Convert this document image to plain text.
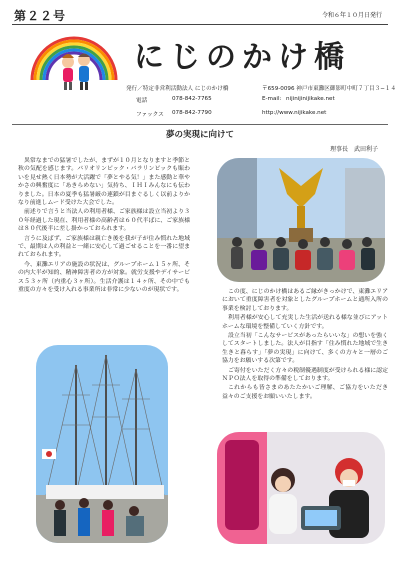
第２２号	令和６年１０月日発行
にじのかけ橋
発行／特定非営利活動法人 にじのかけ橋	〒659-0096 神戸市東灘区御影町中町７丁目３−１４
電話	078-842-7765	E-mail: nijinijinijikake.net
ファックス 078-842-7790	http://www.nijikake.net
夢の実現に向けて
理事長　武田利子

異常なまでの猛暑でしたが、まずが１０月となりますと季節と秋の気配を感じます。パリオリンピック・パラリンピックも賑わいを見せ熱く日本勢が大活躍で「夢とやる気！」また感動と華やかさの興奮度に「あきらめない」気持ち、ＩＨＩみんなにも伝わりました。日本の夏季も猛暑厳の連鎖が目まぐるしく以前よりかなり前進しムード受けた大会でした。

前述りで言うと当法人の利用者様、ご家族様は設立当初より３０年経過した現在、利用者様の高齢者は６０代半ばに、ご家族様は８０代後半に差し掛かっておられます。

言うに及ばず、ご家族様は親亡き後を我が子が住み慣れた地域で、最期は人の利益と一緒に安心して過ごせることを一番に望まれておられます。

今、東灘エリアの施設の状況は、グループホーム１５ヶ所、その内大半が知的、精神障害者の方が対象。就労支援やデイサービス５３ヶ所（内重心３ヶ所）。生活介護は１４ヶ所、その中でも重度の方々を受け入れる事業所は非常に少ないのが現状です。	この度、にじのかけ橋はあるご縁がきっかけで、東灘エリアにおいて重度障害者を対象としたグループホームと通所入所の事業を検討しております。

利用者様が安心して充実した生活が送れる様な並びにアットホームな環境を整備していく方針です。

設立当初「こんなサービスがあったらいいな」の想いを強くしてスタートしました。法人が目指す「住み慣れた地域で生き生きと暮らす」「夢の実現」に向けて、多くの方々と一層のご協力をお願いする次第です。

ご寄付をいただく方々の税制優遇制度が受けられる様に認定ＮＰＯ法人を取得の準備をしております。

これからも皆さまのあたたかいご理解、ご協力をいただき益々のご支援をお願いいたします。
